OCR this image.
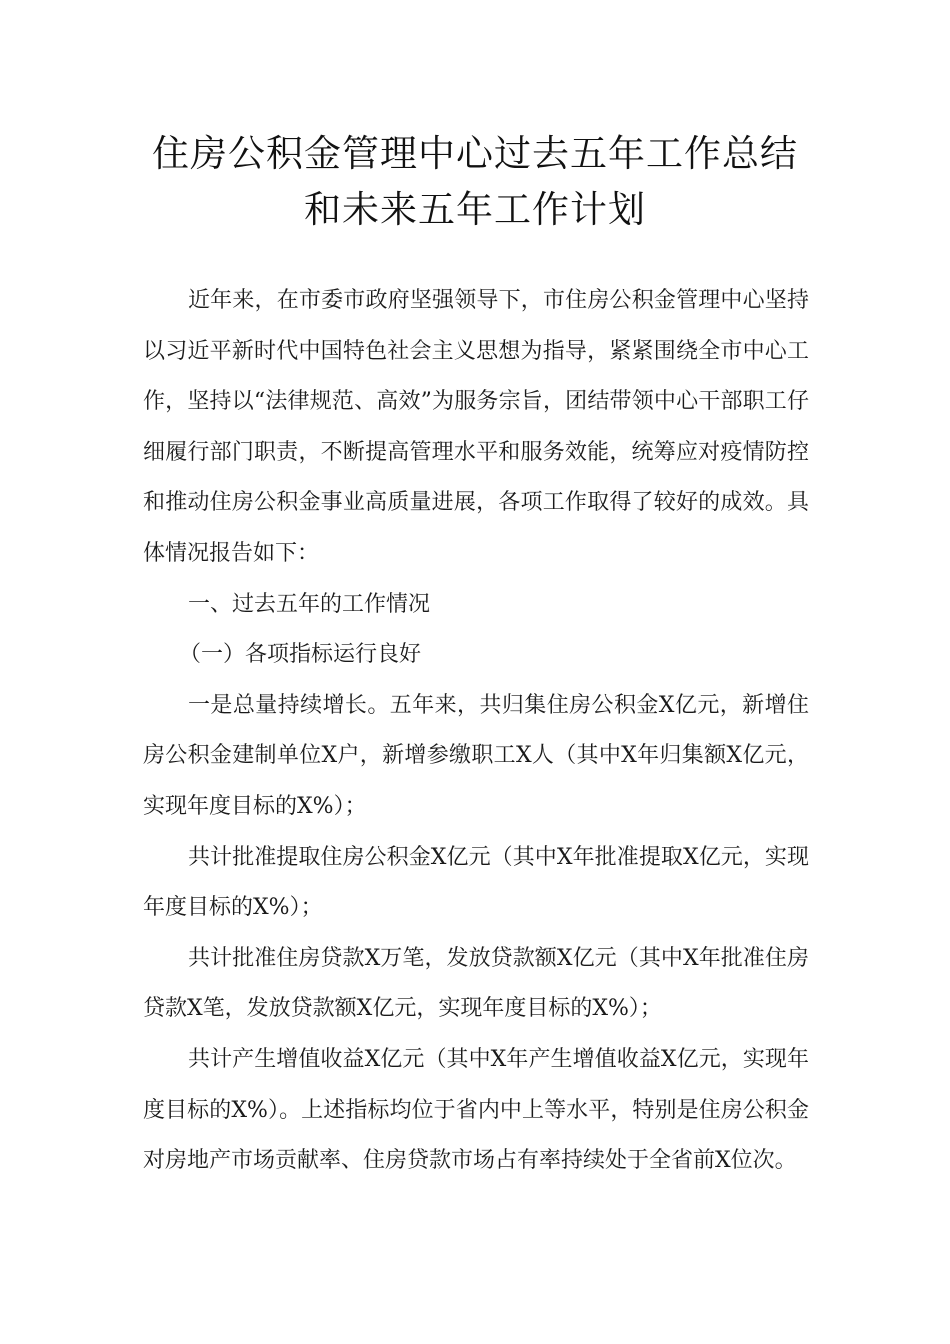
住房公积金管理中心过去五年工作总结
和未来五年工作计划

近年来，在市委市政府坚强领导下，市住房公积金管理中心坚持以习近平新时代中国特色社会主义思想为指导，紧紧围绕全市中心工作，坚持以“法律规范、高效”为服务宗旨，团结带领中心干部职工仔细履行部门职责，不断提高管理水平和服务效能，统筹应对疫情防控和推动住房公积金事业高质量进展，各项工作取得了较好的成效。具体情况报告如下：

一、过去五年的工作情况

（一）各项指标运行良好

一是总量持续增长。五年来，共归集住房公积金X亿元，新增住房公积金建制单位X户，新增参缴职工X人（其中X年归集额X亿元，实现年度目标的X%）；

共计批准提取住房公积金X亿元（其中X年批准提取X亿元，实现年度目标的X%）；

共计批准住房贷款X万笔，发放贷款额X亿元（其中X年批准住房贷款X笔，发放贷款额X亿元，实现年度目标的X%）；

共计产生增值收益X亿元（其中X年产生增值收益X亿元，实现年度目标的X%）。上述指标均位于省内中上等水平，特别是住房公积金对房地产市场贡献率、住房贷款市场占有率持续处于全省前X位次。
